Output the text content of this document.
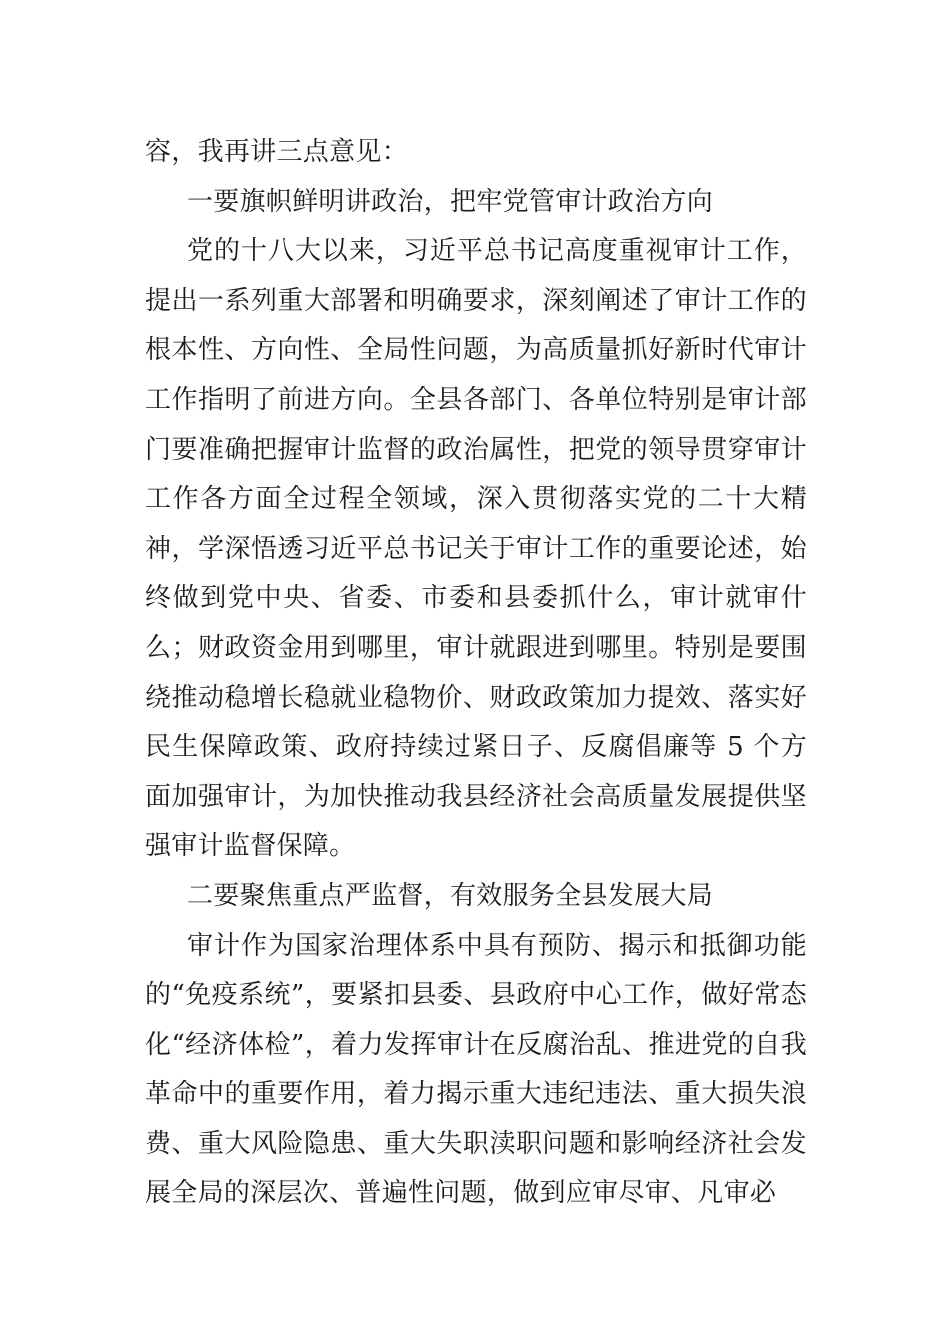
容，我再讲三点意见：

一要旗帜鲜明讲政治，把牢党管审计政治方向

党的十八大以来，习近平总书记高度重视审计工作，提出一系列重大部署和明确要求，深刻阐述了审计工作的根本性、方向性、全局性问题，为高质量抓好新时代审计工作指明了前进方向。全县各部门、各单位特别是审计部门要准确把握审计监督的政治属性，把党的领导贯穿审计工作各方面全过程全领域，深入贯彻落实党的二十大精神，学深悟透习近平总书记关于审计工作的重要论述，始终做到党中央、省委、市委和县委抓什么，审计就审什么；财政资金用到哪里，审计就跟进到哪里。特别是要围绕推动稳增长稳就业稳物价、财政政策加力提效、落实好民生保障政策、政府持续过紧日子、反腐倡廉等 5 个方面加强审计，为加快推动我县经济社会高质量发展提供坚强审计监督保障。

二要聚焦重点严监督，有效服务全县发展大局

审计作为国家治理体系中具有预防、揭示和抵御功能的“免疫系统”，要紧扣县委、县政府中心工作，做好常态化“经济体检”，着力发挥审计在反腐治乱、推进党的自我革命中的重要作用，着力揭示重大违纪违法、重大损失浪费、重大风险隐患、重大失职渎职问题和影响经济社会发展全局的深层次、普遍性问题，做到应审尽审、凡审必
